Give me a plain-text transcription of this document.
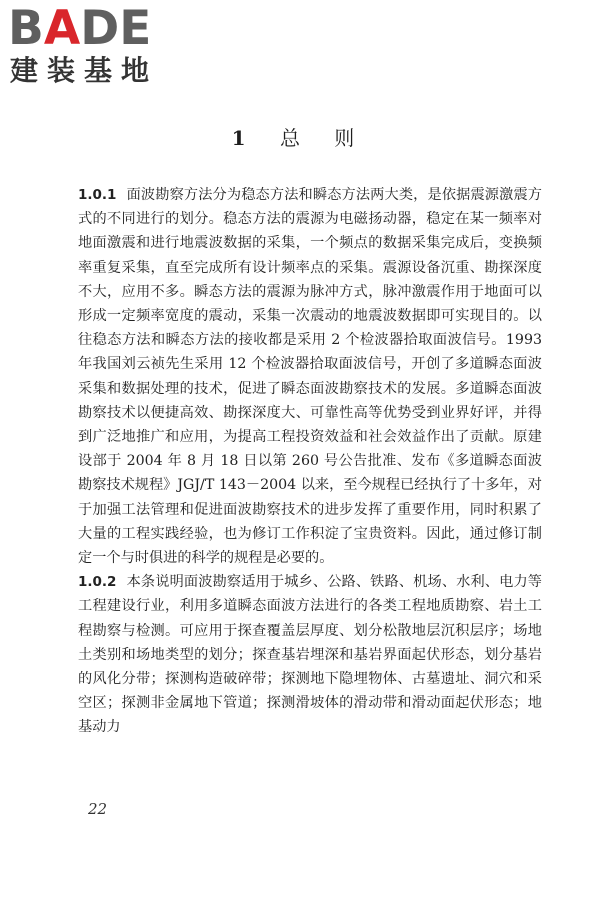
BADE
建装基地
1 总 则

1.0.1 面波勘察方法分为稳态方法和瞬态方法两大类，是依据震源激震方式的不同进行的划分。稳态方法的震源为电磁扬动器，稳定在某一频率对地面激震和进行地震波数据的采集，一个频点的数据采集完成后，变换频率重复采集，直至完成所有设计频率点的采集。震源设备沉重、勘探深度不大，应用不多。瞬态方法的震源为脉冲方式，脉冲激震作用于地面可以形成一定频率宽度的震动，采集一次震动的地震波数据即可实现目的。以往稳态方法和瞬态方法的接收都是采用 2 个检波器拾取面波信号。1993 年我国刘云祯先生采用 12 个检波器拾取面波信号，开创了多道瞬态面波采集和数据处理的技术，促进了瞬态面波勘察技术的发展。多道瞬态面波勘察技术以便捷高效、勘探深度大、可靠性高等优势受到业界好评，并得到广泛地推广和应用，为提高工程投资效益和社会效益作出了贡献。原建设部于 2004 年 8 月 18 日以第 260 号公告批准、发布《多道瞬态面波勘察技术规程》JGJ/T 143－2004 以来，至今规程已经执行了十多年，对于加强工法管理和促进面波勘察技术的进步发挥了重要作用，同时积累了大量的工程实践经验，也为修订工作积淀了宝贵资料。因此，通过修订制定一个与时俱进的科学的规程是必要的。

1.0.2 本条说明面波勘察适用于城乡、公路、铁路、机场、水利、电力等工程建设行业，利用多道瞬态面波方法进行的各类工程地质勘察、岩土工程勘察与检测。可应用于探查覆盖层厚度、划分松散地层沉积层序；场地土类别和场地类型的划分；探查基岩埋深和基岩界面起伏形态，划分基岩的风化分带；探测构造破碎带；探测地下隐埋物体、古墓遗址、洞穴和采空区；探测非金属地下管道；探测滑坡体的滑动带和滑动面起伏形态；地基动力

22
